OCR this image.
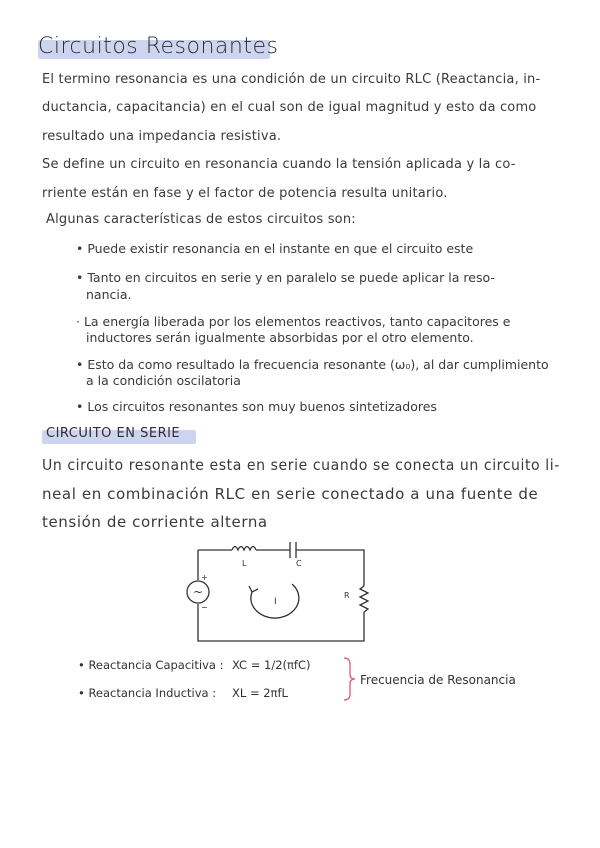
Circuitos Resonantes
El termino resonancia es una condición de un circuito RLC (Reactancia, in-
ductancia, capacitancia) en el cual son de igual magnitud y esto da como
resultado una impedancia resistiva.
Se define un circuito en resonancia cuando la tensión aplicada y la co-
rriente están en fase y el factor de potencia resulta unitario.
Algunas características de estos circuitos son:
• Puede existir resonancia en el instante en que el circuito este
• Tanto en circuitos en serie y en paralelo se puede aplicar la reso-
nancia.
· La energía liberada por los elementos reactivos, tanto capacitores e
inductores serán igualmente absorbidas por el otro elemento.
• Esto da como resultado la frecuencia resonante (ω₀), al dar cumplimiento
a la condición oscilatoria
• Los circuitos resonantes son muy buenos sintetizadores
CIRCUITO EN SERIE
Un circuito resonante esta en serie cuando se conecta un circuito li-
neal en combinación RLC en serie conectado a una fuente de
tensión de corriente alterna
~
+
−
L	C
R
I
• Reactancia Capacitiva : XC = 1/2(πfC)
• Reactancia Inductiva : XL = 2πfL
Frecuencia de Resonancia
